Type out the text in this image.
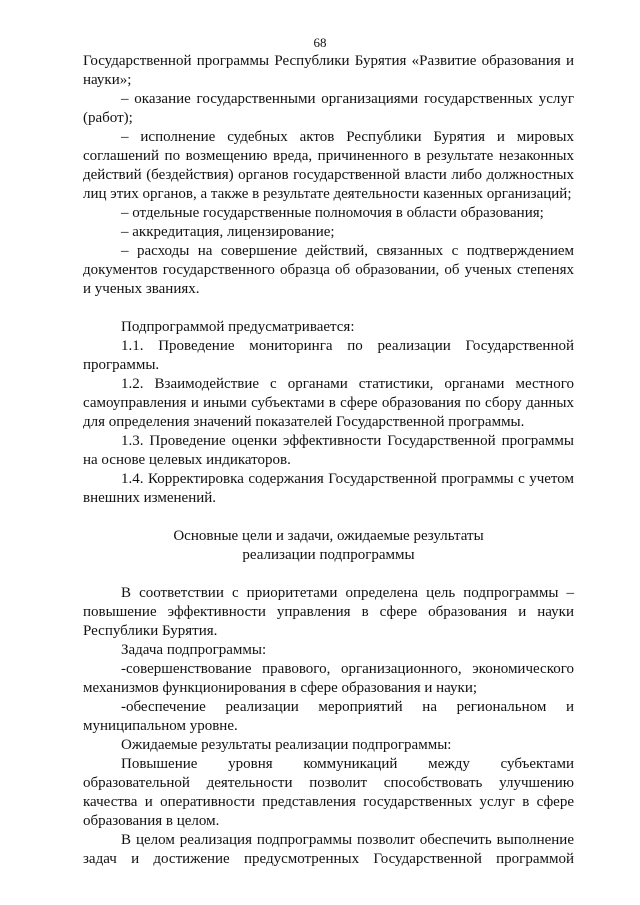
68

Государственной программы Республики Бурятия «Развитие образования и науки»;

– оказание государственными организациями государственных услуг (работ);

– исполнение судебных актов Республики Бурятия и мировых соглашений по возмещению вреда, причиненного в результате незаконных действий (бездействия) органов государственной власти либо должностных лиц этих органов, а также в результате деятельности казенных организаций;

– отдельные государственные полномочия в области образования;

– аккредитация, лицензирование;

– расходы на совершение действий, связанных с подтверждением документов государственного образца об образовании, об ученых степенях и ученых званиях.

Подпрограммой предусматривается:

1.1. Проведение мониторинга по реализации Государственной программы.

1.2. Взаимодействие с органами статистики, органами местного самоуправления и иными субъектами в сфере образования по сбору данных для определения значений показателей Государственной программы.

1.3. Проведение оценки эффективности Государственной программы на основе целевых индикаторов.

1.4. Корректировка содержания Государственной программы с учетом внешних изменений.

Основные цели и задачи, ожидаемые результаты

реализации подпрограммы

В соответствии с приоритетами определена цель подпрограммы – повышение эффективности управления в сфере образования и науки Республики Бурятия.

Задача подпрограммы:

-совершенствование правового, организационного, экономического механизмов функционирования в сфере образования и науки;

-обеспечение реализации мероприятий на региональном и муниципальном уровне.

Ожидаемые результаты реализации подпрограммы:

Повышение уровня коммуникаций между субъектами образовательной деятельности позволит способствовать улучшению качества и оперативности представления государственных услуг в сфере образования в целом.

В целом реализация подпрограммы позволит обеспечить выполнение задач и достижение предусмотренных Государственной программой
